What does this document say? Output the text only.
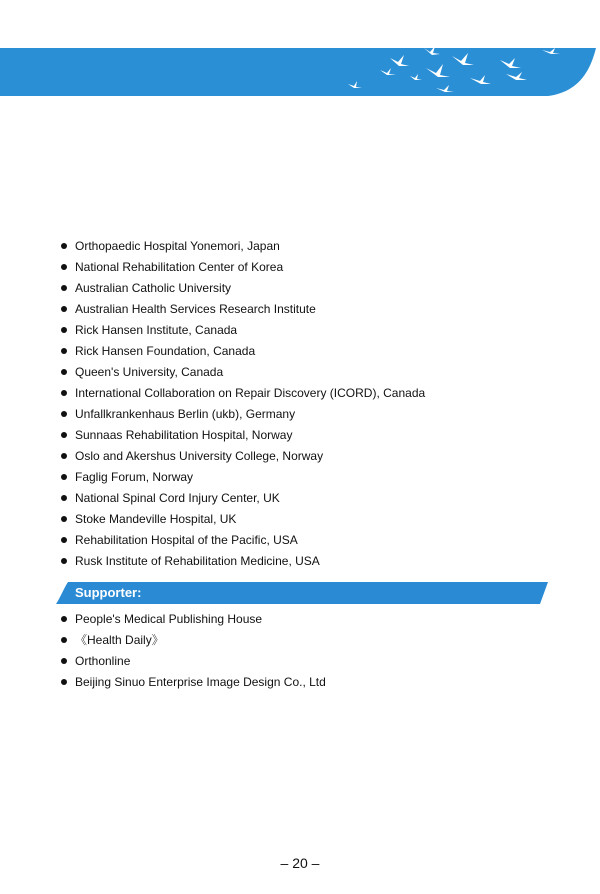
Orthopaedic Hospital Yonemori, Japan
National Rehabilitation Center of Korea
Australian Catholic University
Australian Health Services Research Institute
Rick Hansen Institute, Canada
Rick Hansen Foundation, Canada
Queen's University, Canada
International Collaboration on Repair Discovery (ICORD), Canada
Unfallkrankenhaus Berlin (ukb), Germany
Sunnaas Rehabilitation Hospital, Norway
Oslo and Akershus University College, Norway
Faglig Forum, Norway
National Spinal Cord Injury Center, UK
Stoke Mandeville Hospital, UK
Rehabilitation Hospital of the Pacific, USA
Rusk Institute of Rehabilitation Medicine, USA
Supporter:
People's Medical Publishing House
《Health Daily》
Orthonline
Beijing Sinuo Enterprise Image Design Co., Ltd
– 20 –
